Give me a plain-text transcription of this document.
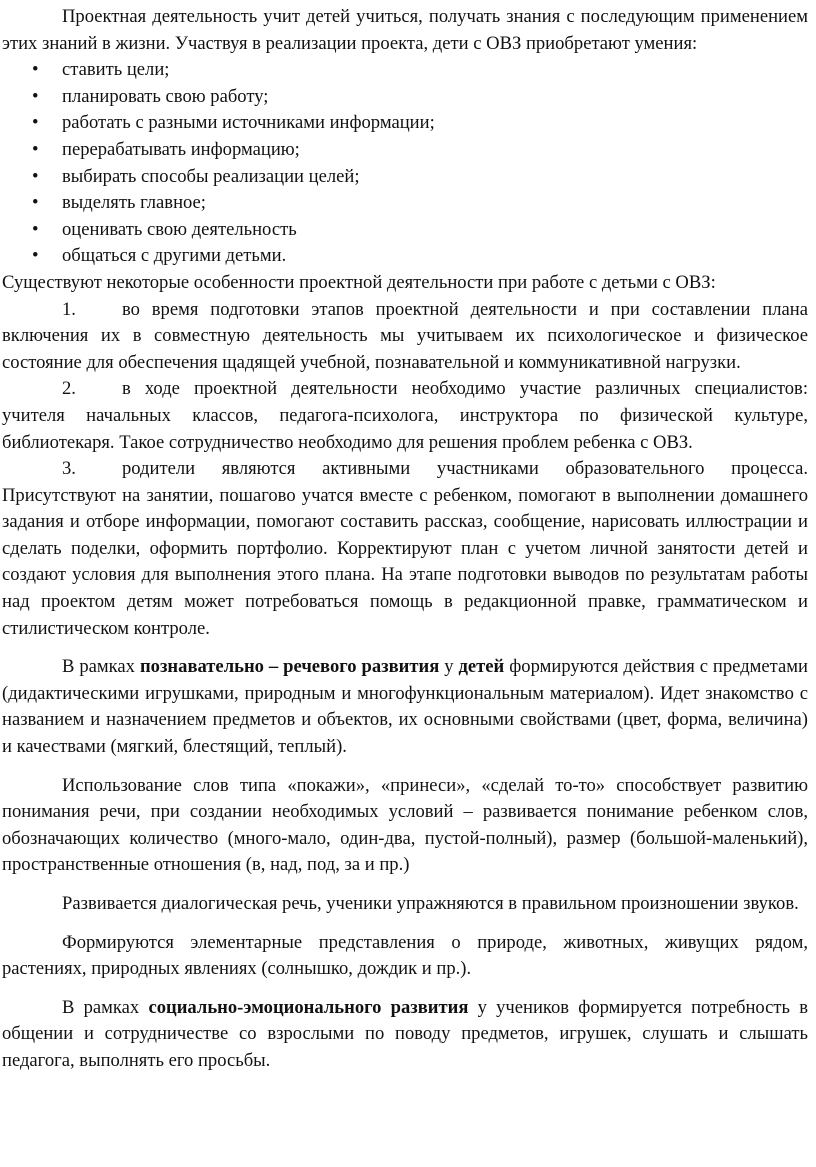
Проектная деятельность учит детей учиться, получать знания с последующим применением этих знаний в жизни. Участвуя в реализации проекта, дети с ОВЗ приобретают умения:

• ставить цели;
• планировать свою работу;
• работать с разными источниками информации;
• перерабатывать информацию;
• выбирать способы реализации целей;
• выделять главное;
• оценивать свою деятельность
• общаться с другими детьми.

Существуют некоторые особенности проектной деятельности при работе с детьми с ОВЗ:

1. во время подготовки этапов проектной деятельности и при составлении плана включения их в совместную деятельность мы учитываем их психологическое и физическое состояние для обеспечения щадящей учебной, познавательной и коммуникативной нагрузки.

2. в ходе проектной деятельности необходимо участие различных специалистов: учителя начальных классов, педагога-психолога, инструктора по физической культуре, библиотекаря. Такое сотрудничество необходимо для решения проблем ребенка с ОВЗ.

3. родители являются активными участниками образовательного процесса. Присутствуют на занятии, пошагово учатся вместе с ребенком, помогают в выполнении домашнего задания и отборе информации, помогают составить рассказ, сообщение, нарисовать иллюстрации и сделать поделки, оформить портфолио. Корректируют план с учетом личной занятости детей и создают условия для выполнения этого плана. На этапе подготовки выводов по результатам работы над проектом детям может потребоваться помощь в редакционной правке, грамматическом и стилистическом контроле.

В рамках познавательно – речевого развития у детей формируются действия с предметами (дидактическими игрушками, природным и многофункциональным материалом). Идет знакомство с названием и назначением предметов и объектов, их основными свойствами (цвет, форма, величина) и качествами (мягкий, блестящий, теплый).

Использование слов типа «покажи», «принеси», «сделай то-то» способствует развитию понимания речи, при создании необходимых условий – развивается понимание ребенком слов, обозначающих количество (много-мало, один-два, пустой-полный), размер (большой-маленький), пространственные отношения (в, над, под, за и пр.)

Развивается диалогическая речь, ученики упражняются в правильном произношении звуков.

Формируются элементарные представления о природе, животных, живущих рядом, растениях, природных явлениях (солнышко, дождик и пр.).

В рамках социально-эмоционального развития у учеников формируется потребность в общении и сотрудничестве со взрослыми по поводу предметов, игрушек, слушать и слышать педагога, выполнять его просьбы.
